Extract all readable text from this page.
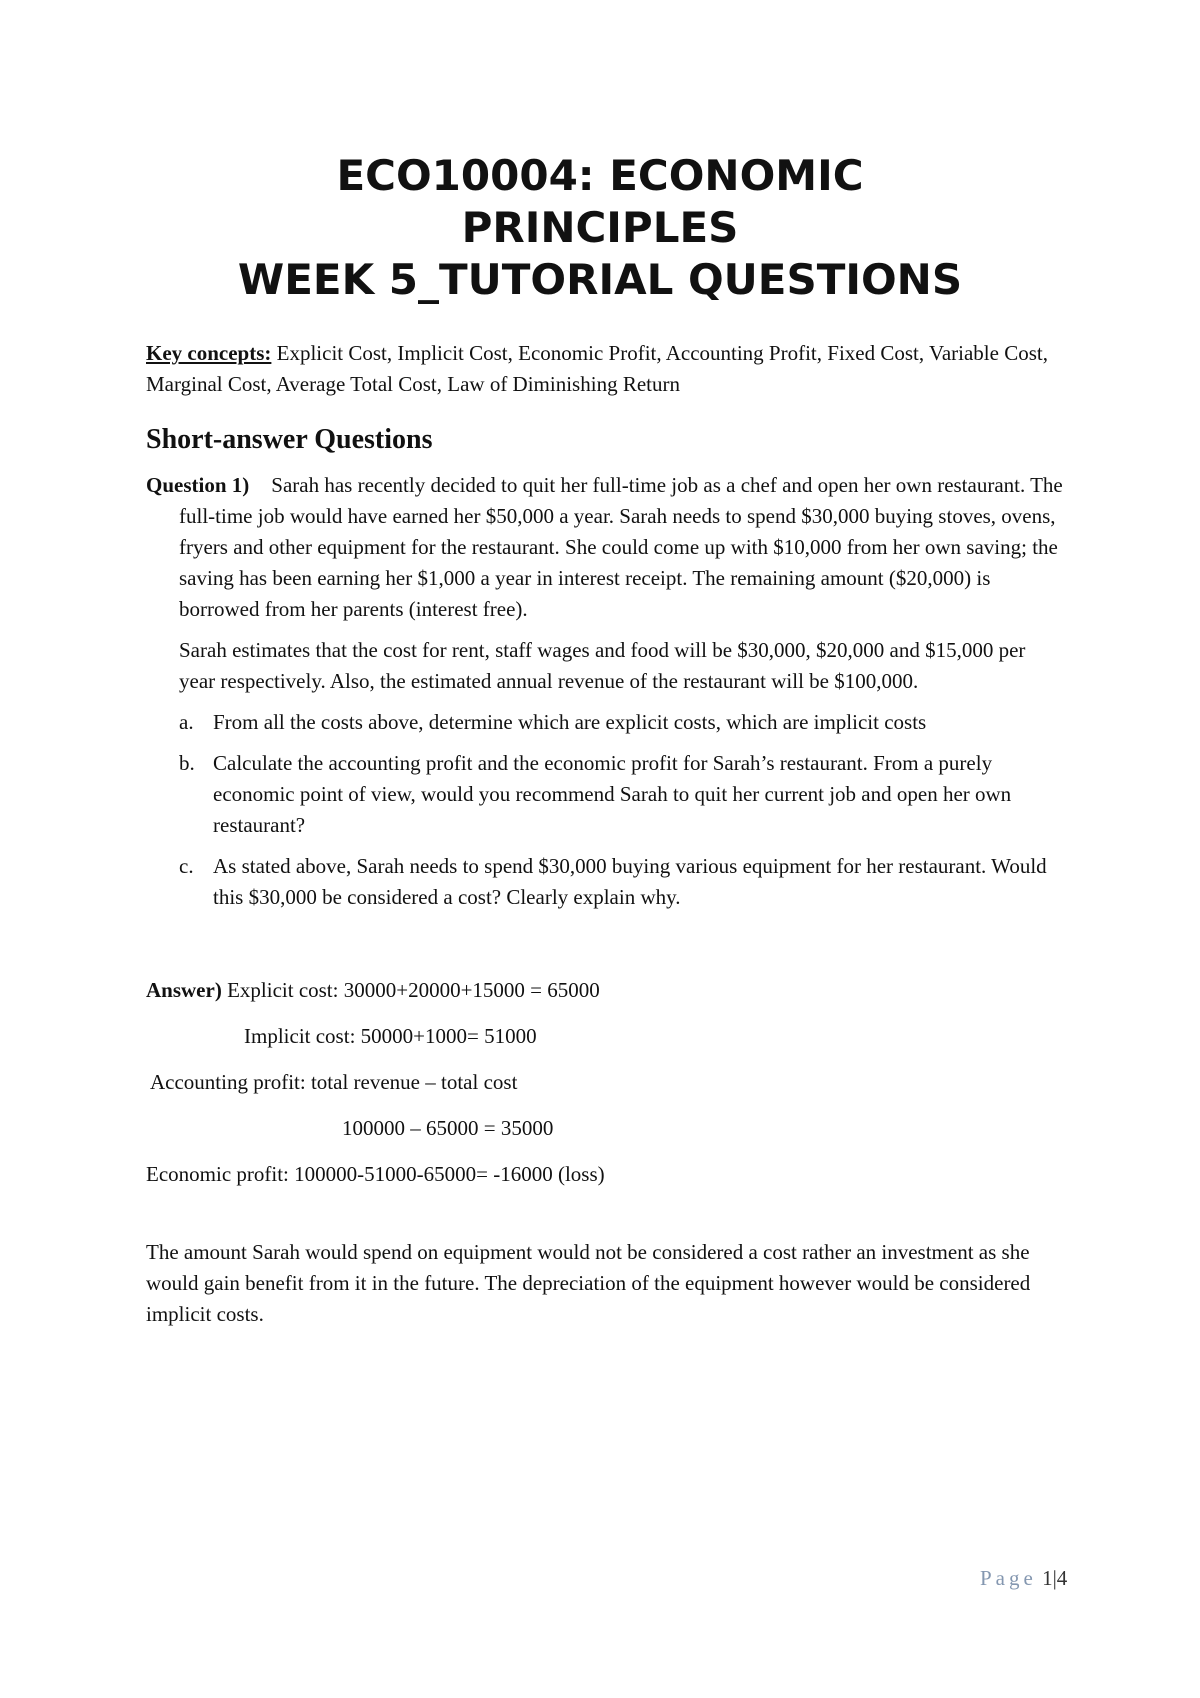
ECO10004: ECONOMIC
PRINCIPLES
WEEK 5_TUTORIAL QUESTIONS

Key concepts: Explicit Cost, Implicit Cost, Economic Profit, Accounting Profit, Fixed Cost, Variable Cost, Marginal Cost, Average Total Cost, Law of Diminishing Return

Short-answer Questions

Question 1) Sarah has recently decided to quit her full-time job as a chef and open her own restaurant. The full-time job would have earned her $50,000 a year. Sarah needs to spend $30,000 buying stoves, ovens, fryers and other equipment for the restaurant. She could come up with $10,000 from her own saving; the saving has been earning her $1,000 a year in interest receipt. The remaining amount ($20,000) is borrowed from her parents (interest free).

Sarah estimates that the cost for rent, staff wages and food will be $30,000, $20,000 and $15,000 per year respectively. Also, the estimated annual revenue of the restaurant will be $100,000.

a. From all the costs above, determine which are explicit costs, which are implicit costs
b. Calculate the accounting profit and the economic profit for Sarah’s restaurant. From a purely economic point of view, would you recommend Sarah to quit her current job and open her own restaurant?
c. As stated above, Sarah needs to spend $30,000 buying various equipment for her restaurant. Would this $30,000 be considered a cost? Clearly explain why.

Answer) Explicit cost: 30000+20000+15000 = 65000

Implicit cost: 50000+1000= 51000

Accounting profit: total revenue – total cost

100000 – 65000 = 35000

Economic profit: 100000-51000-65000= -16000 (loss)

The amount Sarah would spend on equipment would not be considered a cost rather an investment as she would gain benefit from it in the future. The depreciation of the equipment however would be considered implicit costs.

Page 1|4
